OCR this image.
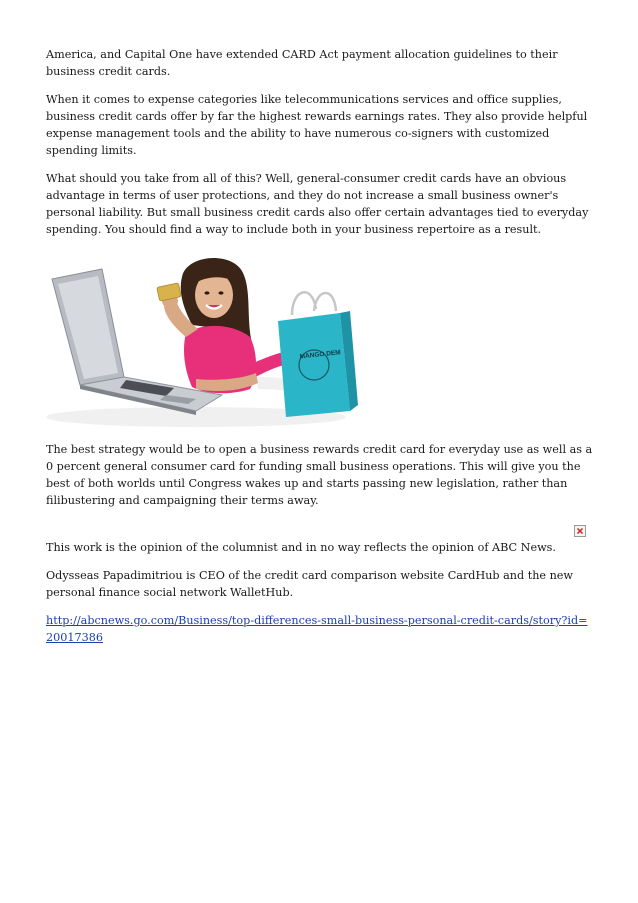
America, and Capital One have extended CARD Act payment allocation guidelines to their business credit cards.

When it comes to expense categories like telecommunications services and office supplies, business credit cards offer by far the highest rewards earnings rates. They also provide helpful expense management tools and the ability to have numerous co-signers with customized spending limits.

What should you take from all of this? Well, general-consumer credit cards have an obvious advantage in terms of user protections, and they do not increase a small business owner's personal liability. But small business credit cards also offer certain advantages tied to everyday spending. You should find a way to include both in your business repertoire as a result.

MANGO DEM

The best strategy would be to open a business rewards credit card for everyday use as well as a 0 percent general consumer card for funding small business operations. This will give you the best of both worlds until Congress wakes up and starts passing new legislation, rather than filibustering and campaigning their terms away.

This work is the opinion of the columnist and in no way reflects the opinion of ABC News.

Odysseas Papadimitriou is CEO of the credit card comparison website CardHub and the new personal finance social network WalletHub.

http://abcnews.go.com/Business/top-differences-small-business-personal-credit-cards/story?id=20017386
